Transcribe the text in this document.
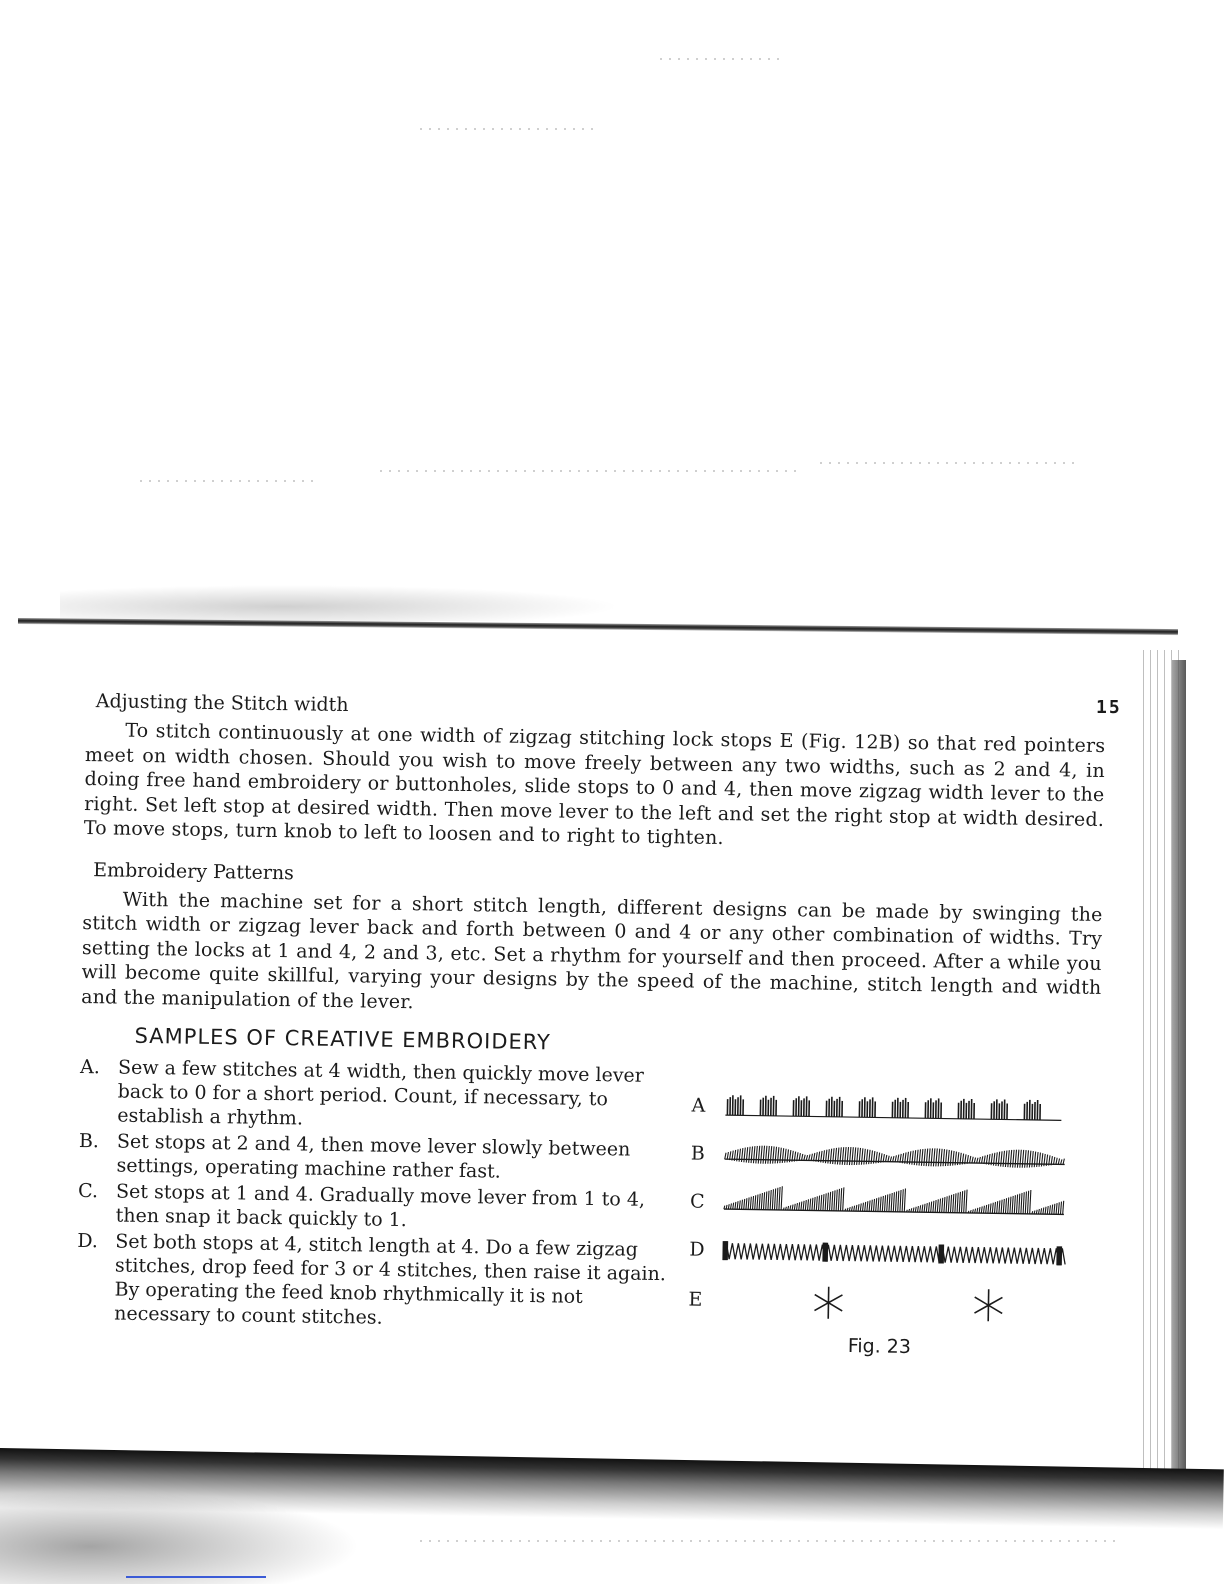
15

Adjusting the Stitch width

To stitch continuously at one width of zigzag stitching lock stops E (Fig. 12B) so that red pointers meet on width chosen. Should you wish to move freely between any two widths, such as 2 and 4, in doing free hand embroidery or buttonholes, slide stops to 0 and 4, then move zigzag width lever to the right. Set left stop at desired width. Then move lever to the left and set the right stop at width desired. To move stops, turn knob to left to loosen and to right to tighten.

Embroidery Patterns

With the machine set for a short stitch length, different designs can be made by swinging the stitch width or zigzag lever back and forth between 0 and 4 or any other combination of widths. Try setting the locks at 1 and 4, 2 and 3, etc. Set a rhythm for yourself and then proceed. After a while you will become quite skillful, varying your designs by the speed of the machine, stitch length and width and the manipulation of the lever.

SAMPLES OF CREATIVE EMBROIDERY

A. Sew a few stitches at 4 width, then quickly move lever back to 0 for a short period. Count, if necessary, to establish a rhythm.
B. Set stops at 2 and 4, then move lever slowly between settings, operating machine rather fast.
C. Set stops at 1 and 4. Gradually move lever from 1 to 4, then snap it back quickly to 1.
D. Set both stops at 4, stitch length at 4. Do a few zigzag stitches, drop feed for 3 or 4 stitches, then raise it again. By operating the feed knob rhythmically it is not necessary to count stitches.
A
B
C
D
E
Fig. 23
